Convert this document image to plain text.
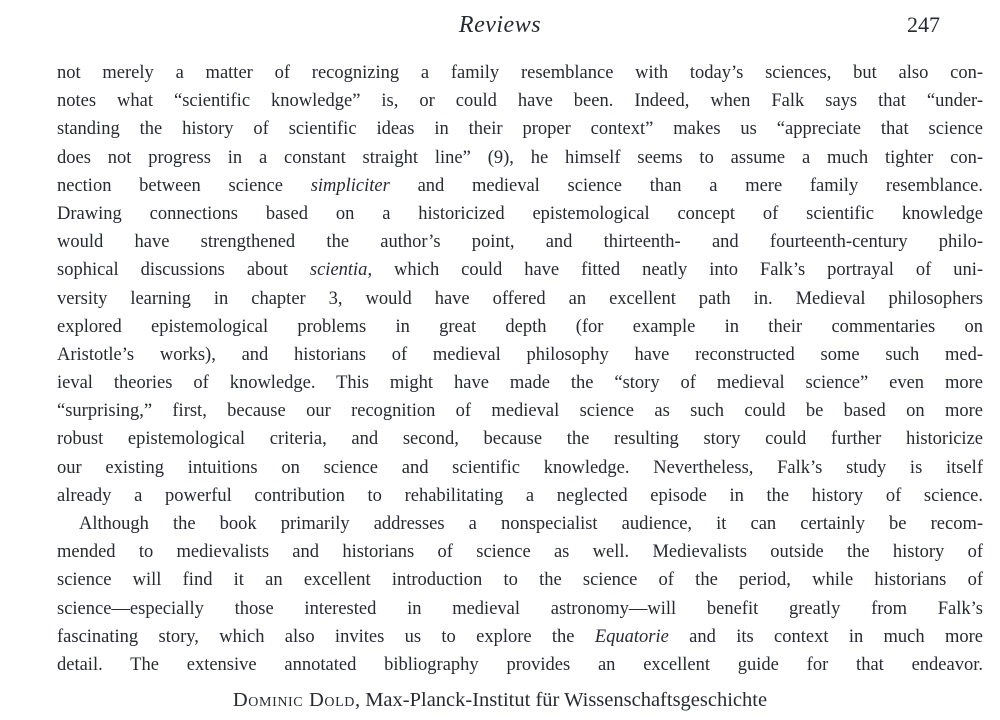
Reviews	247
not merely a matter of recognizing a family resemblance with today’s sciences, but also con-
notes what “scientific knowledge” is, or could have been. Indeed, when Falk says that “under-
standing the history of scientific ideas in their proper context” makes us “appreciate that science
does not progress in a constant straight line” (9), he himself seems to assume a much tighter con-
nection between science simpliciter and medieval science than a mere family resemblance.
Drawing connections based on a historicized epistemological concept of scientific knowledge
would have strengthened the author’s point, and thirteenth- and fourteenth-century philo-
sophical discussions about scientia, which could have fitted neatly into Falk’s portrayal of uni-
versity learning in chapter 3, would have offered an excellent path in. Medieval philosophers
explored epistemological problems in great depth (for example in their commentaries on
Aristotle’s works), and historians of medieval philosophy have reconstructed some such med-
ieval theories of knowledge. This might have made the “story of medieval science” even more
“surprising,” first, because our recognition of medieval science as such could be based on more
robust epistemological criteria, and second, because the resulting story could further historicize
our existing intuitions on science and scientific knowledge. Nevertheless, Falk’s study is itself
already a powerful contribution to rehabilitating a neglected episode in the history of science.
Although the book primarily addresses a nonspecialist audience, it can certainly be recom-
mended to medievalists and historians of science as well. Medievalists outside the history of
science will find it an excellent introduction to the science of the period, while historians of
science—especially those interested in medieval astronomy—will benefit greatly from Falk’s
fascinating story, which also invites us to explore the Equatorie and its context in much more
detail. The extensive annotated bibliography provides an excellent guide for that endeavor.
Dominic Dold, Max-Planck-Institut für Wissenschaftsgeschichte
